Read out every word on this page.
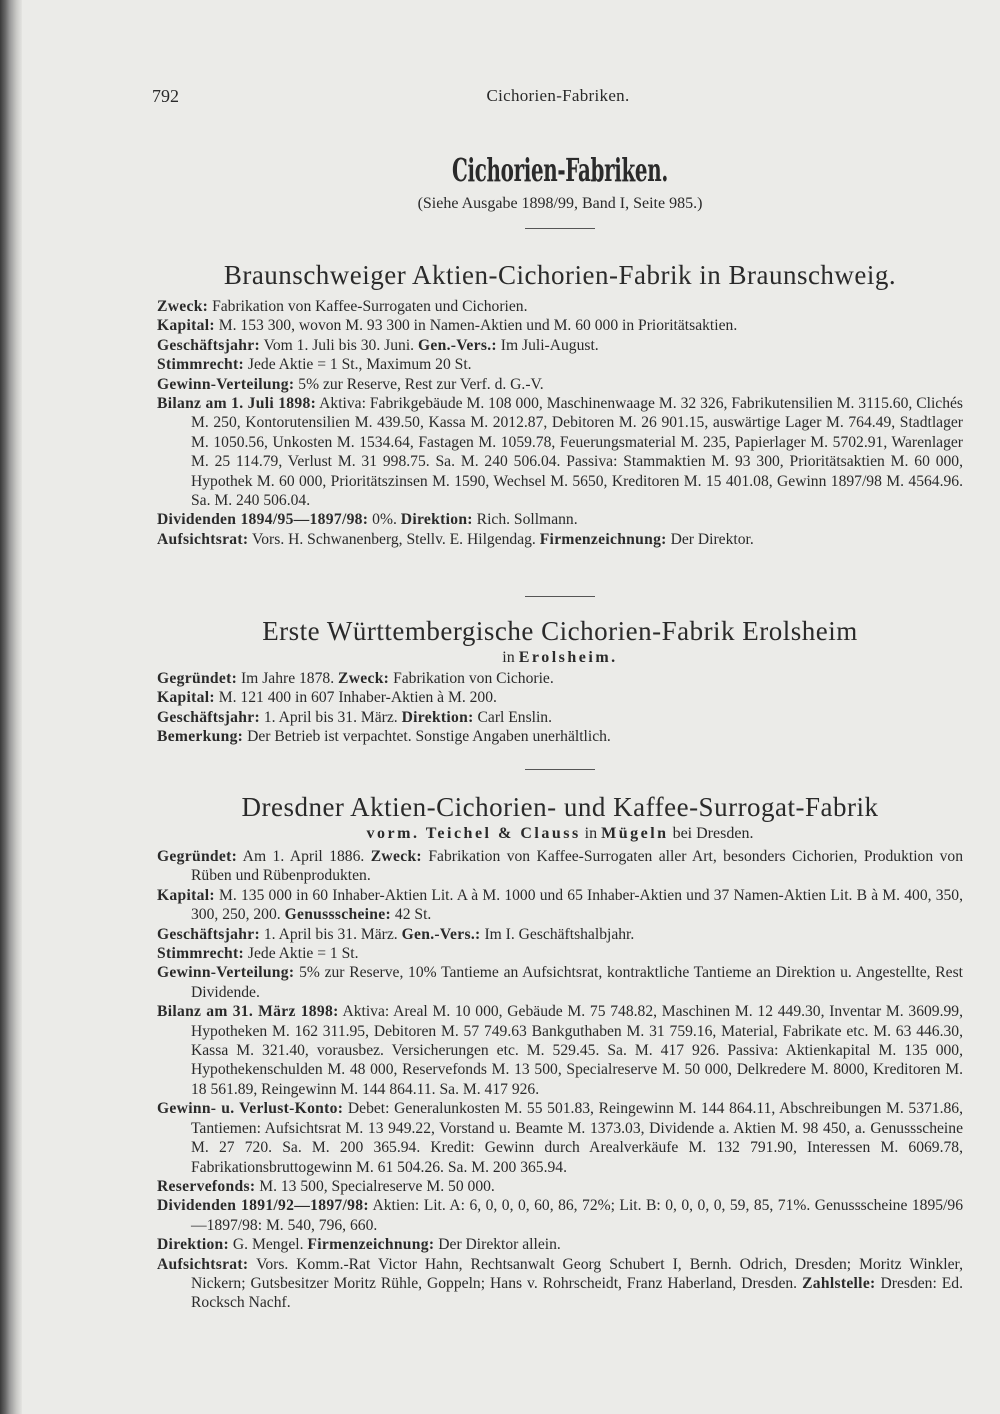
792	Cichorien-Fabriken.
Cichorien-Fabriken.

(Siehe Ausgabe 1898/99, Band I, Seite 985.)

Braunschweiger Aktien-Cichorien-Fabrik in Braunschweig.

Zweck: Fabrikation von Kaffee-Surrogaten und Cichorien.

Kapital: M. 153 300, wovon M. 93 300 in Namen-Aktien und M. 60 000 in Prioritätsaktien.

Geschäftsjahr: Vom 1. Juli bis 30. Juni. Gen.-Vers.: Im Juli-August.

Stimmrecht: Jede Aktie = 1 St., Maximum 20 St.

Gewinn-Verteilung: 5% zur Reserve, Rest zur Verf. d. G.-V.

Bilanz am 1. Juli 1898: Aktiva: Fabrikgebäude M. 108 000, Maschinenwaage M. 32 326, Fabrikutensilien M. 3115.60, Clichés M. 250, Kontorutensilien M. 439.50, Kassa M. 2012.87, Debitoren M. 26 901.15, auswärtige Lager M. 764.49, Stadtlager M. 1050.56, Unkosten M. 1534.64, Fastagen M. 1059.78, Feuerungsmaterial M. 235, Papierlager M. 5702.91, Warenlager M. 25 114.79, Verlust M. 31 998.75. Sa. M. 240 506.04. Passiva: Stammaktien M. 93 300, Prioritätsaktien M. 60 000, Hypothek M. 60 000, Prioritätszinsen M. 1590, Wechsel M. 5650, Kreditoren M. 15 401.08, Gewinn 1897/98 M. 4564.96. Sa. M. 240 506.04.

Dividenden 1894/95—1897/98: 0%. Direktion: Rich. Sollmann.

Aufsichtsrat: Vors. H. Schwanenberg, Stellv. E. Hilgendag. Firmenzeichnung: Der Direktor.

Erste Württembergische Cichorien-Fabrik Erolsheim

in Erolsheim.

Gegründet: Im Jahre 1878. Zweck: Fabrikation von Cichorie.

Kapital: M. 121 400 in 607 Inhaber-Aktien à M. 200.

Geschäftsjahr: 1. April bis 31. März. Direktion: Carl Enslin.

Bemerkung: Der Betrieb ist verpachtet. Sonstige Angaben unerhältlich.

Dresdner Aktien-Cichorien- und Kaffee-Surrogat-Fabrik

vorm. Teichel & Clauss in Mügeln bei Dresden.

Gegründet: Am 1. April 1886. Zweck: Fabrikation von Kaffee-Surrogaten aller Art, besonders Cichorien, Produktion von Rüben und Rübenprodukten.

Kapital: M. 135 000 in 60 Inhaber-Aktien Lit. A à M. 1000 und 65 Inhaber-Aktien und 37 Namen-Aktien Lit. B à M. 400, 350, 300, 250, 200. Genussscheine: 42 St.

Geschäftsjahr: 1. April bis 31. März. Gen.-Vers.: Im I. Geschäftshalbjahr.

Stimmrecht: Jede Aktie = 1 St.

Gewinn-Verteilung: 5% zur Reserve, 10% Tantieme an Aufsichtsrat, kontraktliche Tantieme an Direktion u. Angestellte, Rest Dividende.

Bilanz am 31. März 1898: Aktiva: Areal M. 10 000, Gebäude M. 75 748.82, Maschinen M. 12 449.30, Inventar M. 3609.99, Hypotheken M. 162 311.95, Debitoren M. 57 749.63 Bankguthaben M. 31 759.16, Material, Fabrikate etc. M. 63 446.30, Kassa M. 321.40, vorausbez. Versicherungen etc. M. 529.45. Sa. M. 417 926. Passiva: Aktienkapital M. 135 000, Hypothekenschulden M. 48 000, Reservefonds M. 13 500, Specialreserve M. 50 000, Delkredere M. 8000, Kreditoren M. 18 561.89, Reingewinn M. 144 864.11. Sa. M. 417 926.

Gewinn- u. Verlust-Konto: Debet: Generalunkosten M. 55 501.83, Reingewinn M. 144 864.11, Abschreibungen M. 5371.86, Tantiemen: Aufsichtsrat M. 13 949.22, Vorstand u. Beamte M. 1373.03, Dividende a. Aktien M. 98 450, a. Genussscheine M. 27 720. Sa. M. 200 365.94. Kredit: Gewinn durch Arealverkäufe M. 132 791.90, Interessen M. 6069.78, Fabrikationsbruttogewinn M. 61 504.26. Sa. M. 200 365.94.

Reservefonds: M. 13 500, Specialreserve M. 50 000.

Dividenden 1891/92—1897/98: Aktien: Lit. A: 6, 0, 0, 0, 60, 86, 72%; Lit. B: 0, 0, 0, 0, 59, 85, 71%. Genussscheine 1895/96—1897/98: M. 540, 796, 660.

Direktion: G. Mengel. Firmenzeichnung: Der Direktor allein.

Aufsichtsrat: Vors. Komm.-Rat Victor Hahn, Rechtsanwalt Georg Schubert I, Bernh. Odrich, Dresden; Moritz Winkler, Nickern; Gutsbesitzer Moritz Rühle, Goppeln; Hans v. Rohrscheidt, Franz Haberland, Dresden. Zahlstelle: Dresden: Ed. Rocksch Nachf.
